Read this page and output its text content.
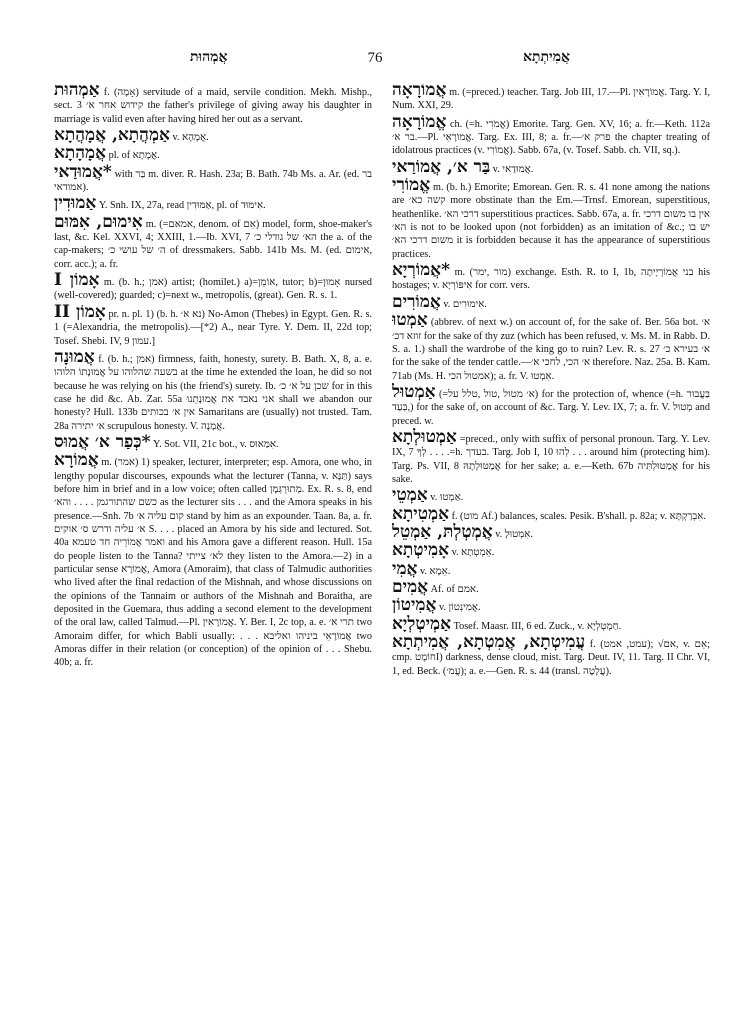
76
אֲמְהוּת	אֲמִיתְתָא

אַמְהוּת f. (אָמָה) servitude of a maid, servile condition. Mekh. Mishp., sect. 3 קידוש אחר א׳ the father's privilege of giving away his daughter in marriage is valid even after having hired her out as a servant.

אַמְהֲתָא, אֲמָהֲתָא v. אֲמָהָא.

אֲמָהָתָא pl. of אֲמָתָא.

*אֲמוּדַאי with בַּר m. diver. R. Hash. 23a; B. Bath. 74b Ms. a. Ar. (ed. בר אמודאי).

אַמוּדִין Y. Snh. IX, 27a, read אַמּוּדִין, pl. of אִימּוּד.

אִימוּם, אִמּוּם m. (=אמאם, denom. of אֵם) model, form, shoe-maker's last, &c. Kel. XXVI, 4; XXIII, 1.—Ib. XVI, 7 הא׳ של גודלי כ׳ the a. of the cap-makers; ה׳ של עושי כ׳ of dressmakers. Sabb. 141b Ms. M. (ed. אימום, corr. acc.); a. fr.

אָמוֹן I m. (b. h.; אמן) artist; (homilet.) a)=אוֹמֵן, tutor; b)=אָמוּן nursed (well-covered); guarded; c)=next w., metropolis, (great). Gen. R. s. 1.

אָמוֹן II pr. n. pl. 1) (b. h. נא א׳) No-Amon (Thebes) in Egypt. Gen. R. s. 1 (=Alexandria, the metropolis).—[*2) A., near Tyre. Y. Dem. II, 22d top; Tosef. Shebi. IV, 9 עמון.]

אֲמוּנָה f. (b. h.; אמן) firmness, faith, honesty, surety. B. Bath. X, 8, a. e. בשעה שהלוהו על אֲמוּנָתוֹ הלוהו at the time he extended the loan, he did so not because he was relying on his (the friend's) surety. Ib. שכן על א׳ כ׳ for in this case he did &c. Ab. Zar. 55a אני נאבד את אֲמוּנָתֵנוּ shall we abandon our honesty? Hull. 133b אין א׳ בכותים Samaritans are (usually) not trusted. Tam. 28a א׳ יתירה scrupulous honesty. V. אֲמָנָה.

*כְּפַר א׳ אֲמוּס Y. Sot. VII, 21c bot., v. אִמַּאוּס.

אֲמוֹרָא m. (אמר) 1) speaker, lecturer, interpreter; esp. Amora, one who, in lengthy popular discourses, expounds what the lecturer (Tanna, v. תַּנָּא) says before him in brief and in a low voice; often called מְתוּרְגְּמָן. Ex. R. s. 8, end כשם שהתורגמן . . . . והא׳ as the lecturer sits . . . and the Amora speaks in his presence.—Snh. 7b קום עליה א׳ stand by him as an expounder. Taan. 8a, a. fr. א׳ עליה ודרש ס׳ אוקים S. . . . placed an Amora by his side and lectured. Sot. 40a ואמר אֲמוֹרֵיה חד טעמא and his Amora gave a different reason. Hull. 15a do people listen to the Tanna? לא׳ צייתי they listen to the Amora.—2) in a particular sense אֲמוֹרָא, Amora (Amoraim), that class of Talmudic authorities who lived after the final redaction of the Mishnah, and whose discussions on the opinions of the Tannaim or authors of the Mishnah and Boraitha, are deposited in the Guemara, thus adding a second element to the development of the oral law, called Talmud.—Pl. אֲמוֹרָאִין. Y. Ber. I, 2c top, a. e. תרי א׳ two Amoraim differ, for which Babli usually: . . . אֲמוֹרָאֵי ביניהו ואליבא two Amoras differ in their relation (or conception) of the opinion of . . . Shebu. 40b; a. fr.

אֲמוֹרָאָה m. (=preced.) teacher. Targ. Job III, 17.—Pl. אֲמוֹרָאִין. Targ. Y. I, Num. XXI, 29.

אֱמוֹרָאָה ch. (=h. אֱמֹרִי) Emorite. Targ. Gen. XV, 16; a. fr.—Keth. 112a בר א׳.—Pl. אֱמוֹרָאֵי. Targ. Ex. III, 8; a. fr.—פרק א׳ the chapter treating of idolatrous practices (v. אֱמוֹרִי). Sabb. 67a, (v. Tosef. Sabb. ch. VII, sq.).

בַּר א׳, אֲמוֹרַאי v. אֲמוּדַאי.

אֱמוֹרִי m. (b. h.) Emorite; Emorean. Gen. R. s. 41 none among the nations are קשה כא׳ more obstinate than the Em.—Trnsf. Emorean, superstitious, heathenlike. דרכי הא׳ superstitious practices. Sabb. 67a, a. fr. אין בו משום דרכי הא׳ is not to be looked upon (not forbidden) as an imitation of &c.; יש בו משום דרכי הא׳ it is forbidden because it has the appearance of superstitious practices.

*אֲמוֹרְיָא m. (מור ,ימר) exchange. Esth. R. to I, 1b, בני אֲמוֹרְיָיתָה his hostages; v. אִיפּוֹרְיָא for corr. vers.

אֲמוֹרִים v. אִימוּרִים.

אַמְטוּ (abbrev. of next w.) on account of, for the sake of. Ber. 56a bot. א׳ זוזא דכ׳ for the sake of thy zuz (which has been refused, v. Ms. M. in Rabb. D. S. a. 1.) shall the wardrobe of the king go to ruin? Lev. R. s. 27 א׳ בעירא כ׳ for the sake of the tender cattle.—א׳ הכי, לחכי א׳ therefore. Naz. 25a. B. Kam. 71ab (Ms. H. אמטול הכי); a. fr. V. אִמְטוּ.

אַמְטוּל (=א׳ מטול ,טול ,טלל על) for the protection of, whence (=h. בַּעֲבוּר ,בְּעַד) for the sake of, on account of &c. Targ. Y. Lev. IX, 7; a. fr. V. מְטוּל and preced. w.

אַמְטוּלְתָא =preced., only with suffix of personal pronoun. Targ. Y. Lev. IX, 7 לְךָ . . . .=h. בעדך. Targ. Job I, 10 לְהוּ . . . around him (protecting him). Targ. Ps. VII, 8 אֲמַטּוּלְתָהּ for her sake; a. e.—Keth. 67b אֲמַטּוּלְתִּיה for his sake.

אַמְטֵי v. אַמְטוּ.

אַמְטִיתָא f. (מוט Af.) balances, scales. Pesik. B'shall. p. 82a; v. אִבְרַקְתָּא.

אֲמְטְלְתּ, אַמְטֵל v. אִמְטוּלָ.

אָמִיטְתָא v. אֵמְטְתָא.

אֲמִי v. אֵמָא.

אֲמִים Af. of אמם.

אֲמִיטוֹן v. אֲמִינְטוֹן.

אַמְיטְלְיָא Tosef. Maasr. III, 6 ed. Zuck., v. חַמְטְלְיָא.

עֲמִיטְתָא, אֲמִטְתָא, אֲמִיתְתָא f. (עמט, אמט); √אם, v. אֵם; cmp. חוֹמֶטI) darkness, dense cloud, mist. Targ. Deut. IV, 11. Targ. II Chr. VI, 1, ed. Beck. (עֲמ׳); a. e.—Gen. R. s. 44 (transl. עֲלָטָה).
